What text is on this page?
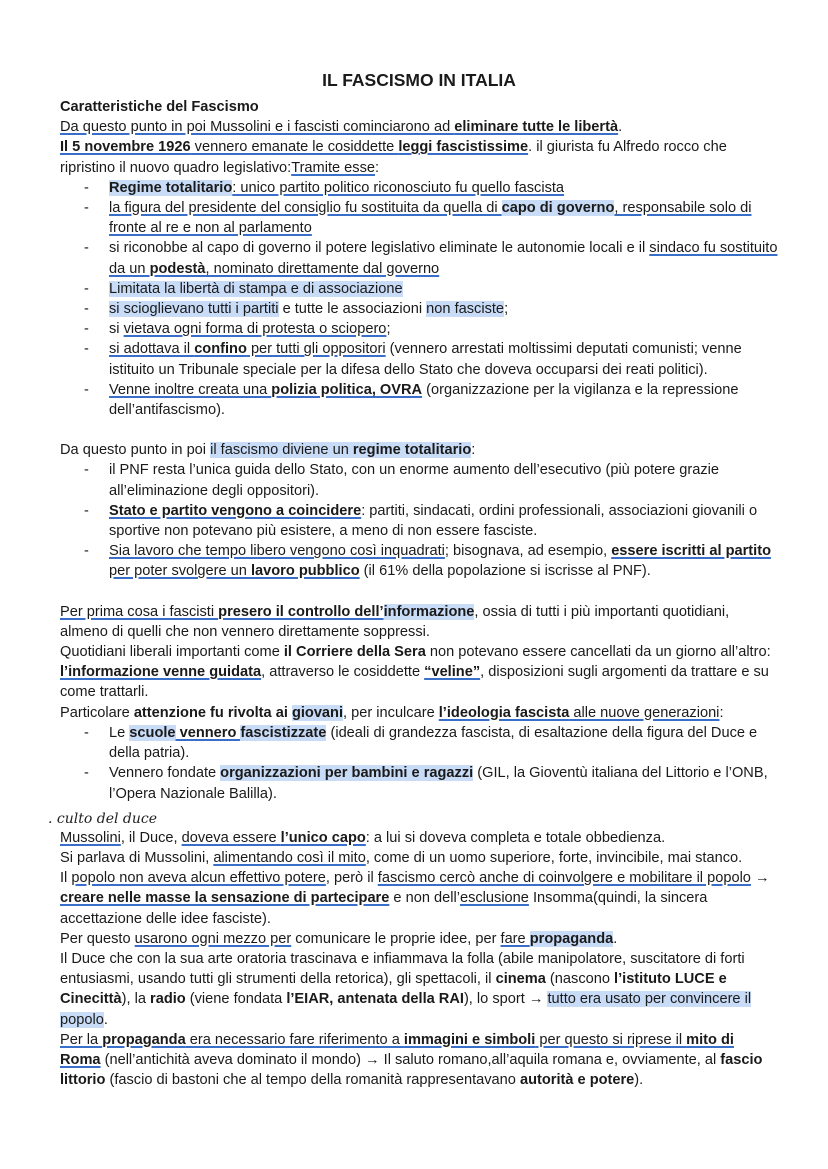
IL FASCISMO IN ITALIA

Caratteristiche del Fascismo

Da questo punto in poi Mussolini e i fascisti cominciarono ad eliminare tutte le libertà.

Il 5 novembre 1926 vennero emanate le cosiddette leggi fascistissime. il giurista fu Alfredo rocco che ripristino il nuovo quadro legislativo:Tramite esse:

- Regime totalitario: unico partito politico riconosciuto fu quello fascista
- la figura del presidente del consiglio fu sostituita da quella di capo di governo, responsabile solo di fronte al re e non al parlamento
- si riconobbe al capo di governo il potere legislativo eliminate le autonomie locali e il sindaco fu sostituito da un podestà, nominato direttamente dal governo
- Limitata la libertà di stampa e di associazione
- si scioglievano tutti i partiti e tutte le associazioni non fasciste;
- si vietava ogni forma di protesta o sciopero;
- si adottava il confino per tutti gli oppositori (vennero arrestati moltissimi deputati comunisti; venne istituito un Tribunale speciale per la difesa dello Stato che doveva occuparsi dei reati politici).
- Venne inoltre creata una polizia politica, OVRA (organizzazione per la vigilanza e la repressione dell’antifascismo).

Da questo punto in poi il fascismo diviene un regime totalitario:

- il PNF resta l’unica guida dello Stato, con un enorme aumento dell’esecutivo (più potere grazie all’eliminazione degli oppositori).
- Stato e partito vengono a coincidere: partiti, sindacati, ordini professionali, associazioni giovanili o sportive non potevano più esistere, a meno di non essere fasciste.
- Sia lavoro che tempo libero vengono così inquadrati; bisognava, ad esempio, essere iscritti al partito per poter svolgere un lavoro pubblico (il 61% della popolazione si iscrisse al PNF).

Per prima cosa i fascisti presero il controllo dell’informazione, ossia di tutti i più importanti quotidiani, almeno di quelli che non vennero direttamente soppressi.

Quotidiani liberali importanti come il Corriere della Sera non potevano essere cancellati da un giorno all’altro: l’informazione venne guidata, attraverso le cosiddette “veline”, disposizioni sugli argomenti da trattare e su come trattarli.

Particolare attenzione fu rivolta ai giovani, per inculcare l’ideologia fascista alle nuove generazioni:

- Le scuole vennero fascistizzate (ideali di grandezza fascista, di esaltazione della figura del Duce e della patria).
- Vennero fondate organizzazioni per bambini e ragazzi (GIL, la Gioventù italiana del Littorio e l’ONB, l’Opera Nazionale Balilla).

. culto del duce

Mussolini, il Duce, doveva essere l’unico capo: a lui si doveva completa e totale obbedienza.

Si parlava di Mussolini, alimentando così il mito, come di un uomo superiore, forte, invincibile, mai stanco.

Il popolo non aveva alcun effettivo potere, però il fascismo cercò anche di coinvolgere e mobilitare il popolo → creare nelle masse la sensazione di partecipare e non dell’esclusione Insomma(quindi, la sincera accettazione delle idee fasciste).

Per questo usarono ogni mezzo per comunicare le proprie idee, per fare propaganda.

Il Duce che con la sua arte oratoria trascinava e infiammava la folla (abile manipolatore, suscitatore di forti entusiasmi, usando tutti gli strumenti della retorica), gli spettacoli, il cinema (nascono l’istituto LUCE e Cinecittà), la radio (viene fondata l’EIAR, antenata della RAI), lo sport → tutto era usato per convincere il popolo.

Per la propaganda era necessario fare riferimento a immagini e simboli per questo si riprese il mito di Roma (nell’antichità aveva dominato il mondo) → Il saluto romano,all’aquila romana e, ovviamente, al fascio littorio (fascio di bastoni che al tempo della romanità rappresentavano autorità e potere).
